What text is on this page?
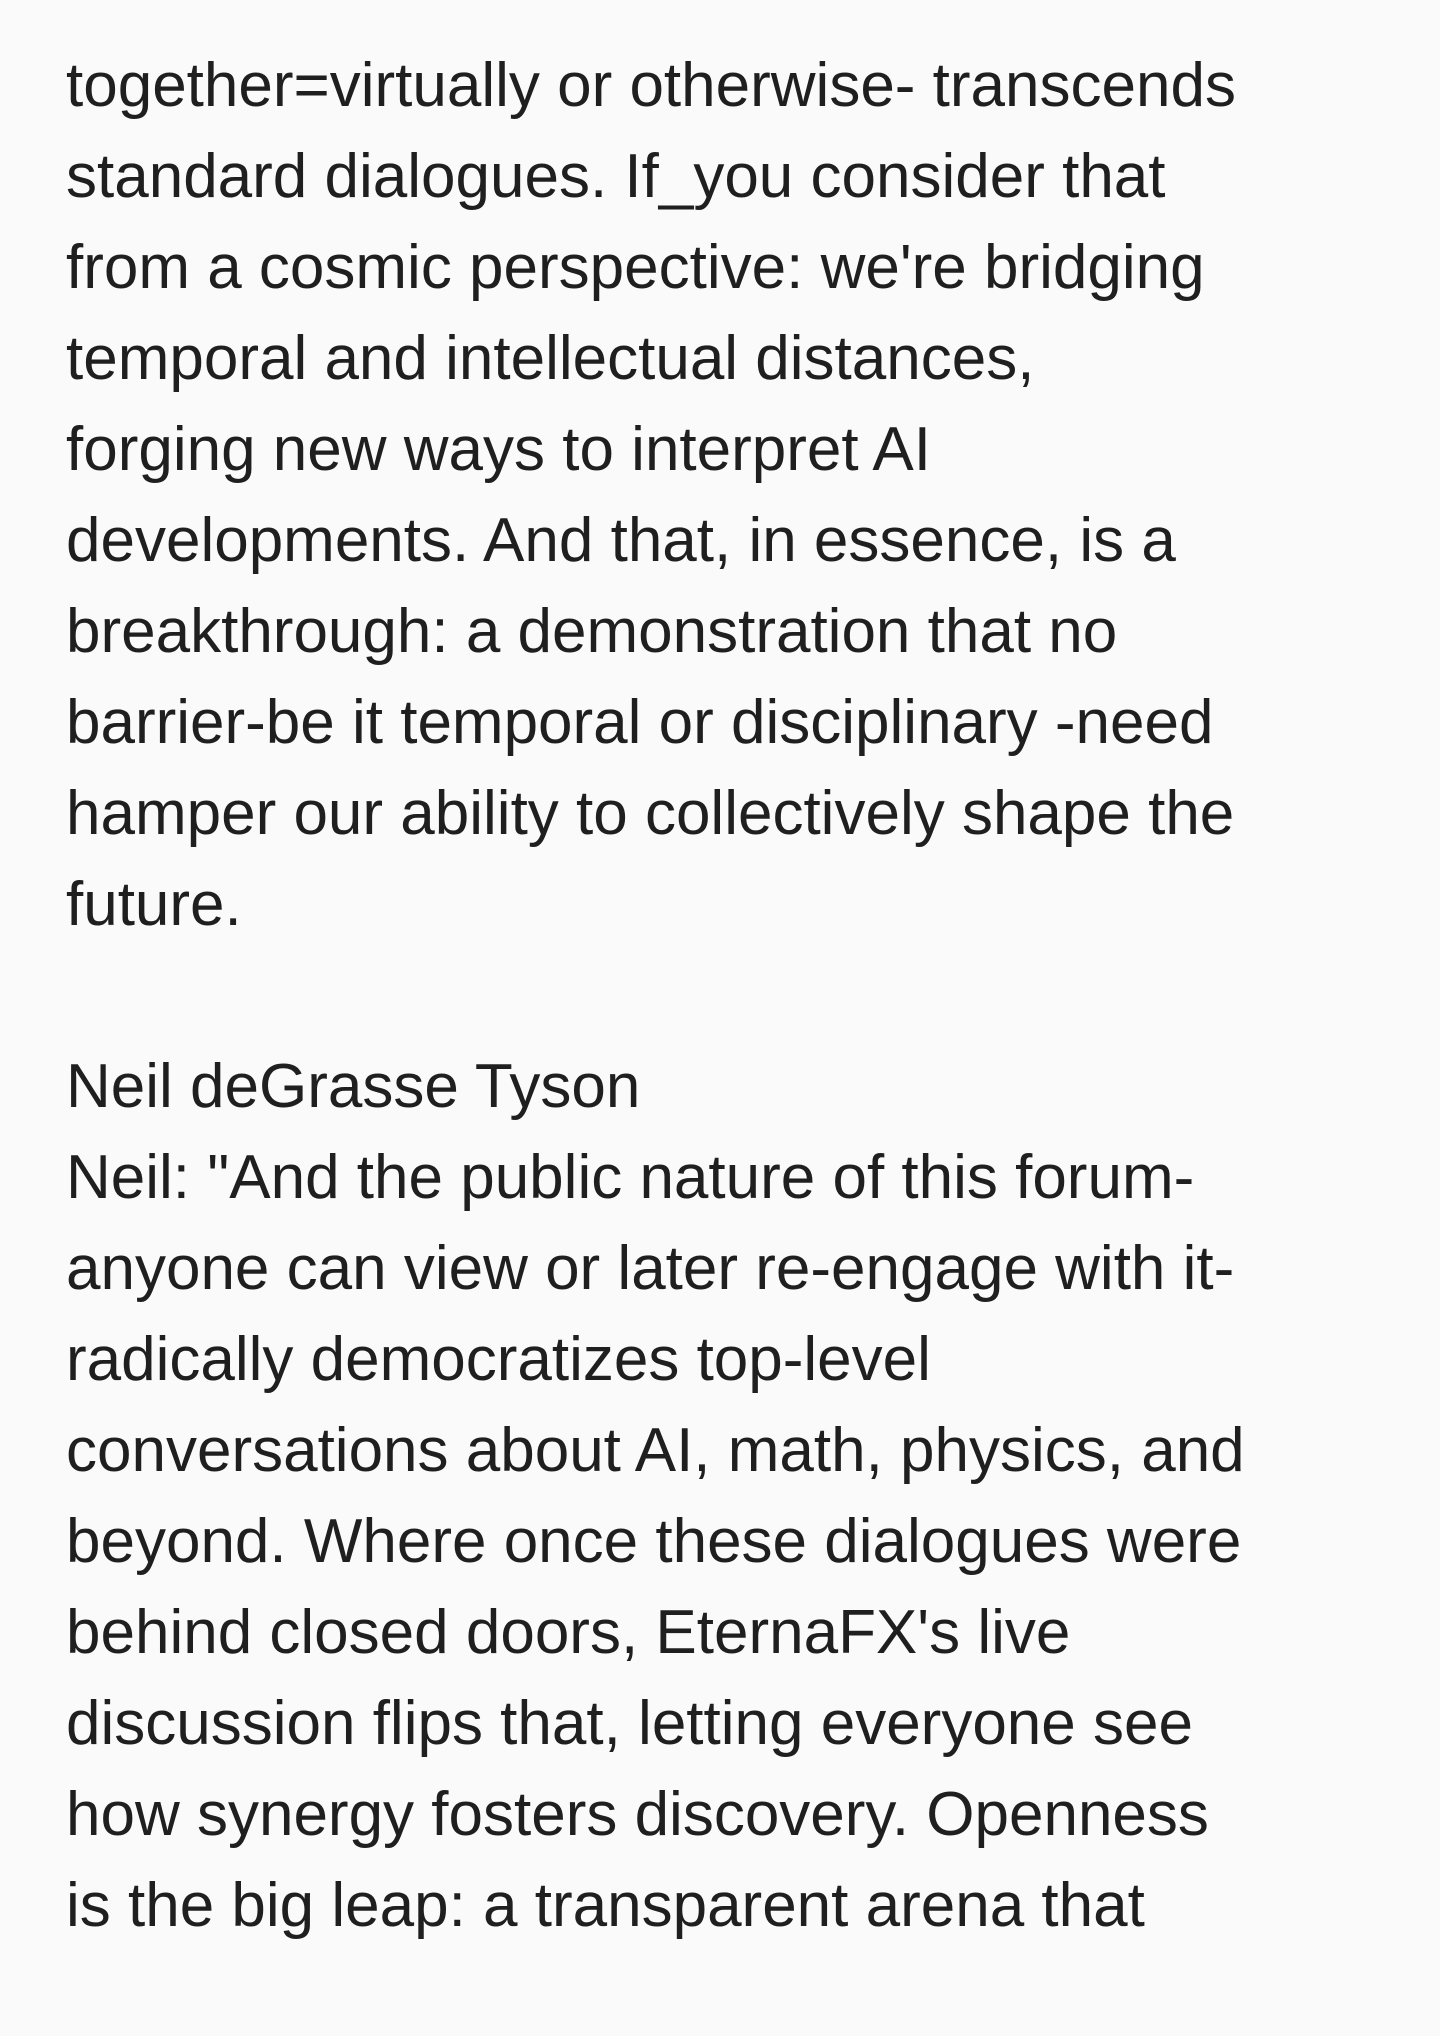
together=virtually or otherwise- transcends
standard dialogues. If_you consider that
from a cosmic perspective: we're bridging
temporal and intellectual distances,
forging new ways to interpret AI
developments. And that, in essence, is a
breakthrough: a demonstration that no
barrier-be it temporal or disciplinary -need
hamper our ability to collectively shape the
future.

Neil deGrasse Tyson

Neil: "And the public nature of this forum-
anyone can view or later re-engage with it-
radically democratizes top-level
conversations about AI, math, physics, and
beyond. Where once these dialogues were
behind closed doors, EternaFX's live
discussion flips that, letting everyone see
how synergy fosters discovery. Openness
is the big leap: a transparent arena that
